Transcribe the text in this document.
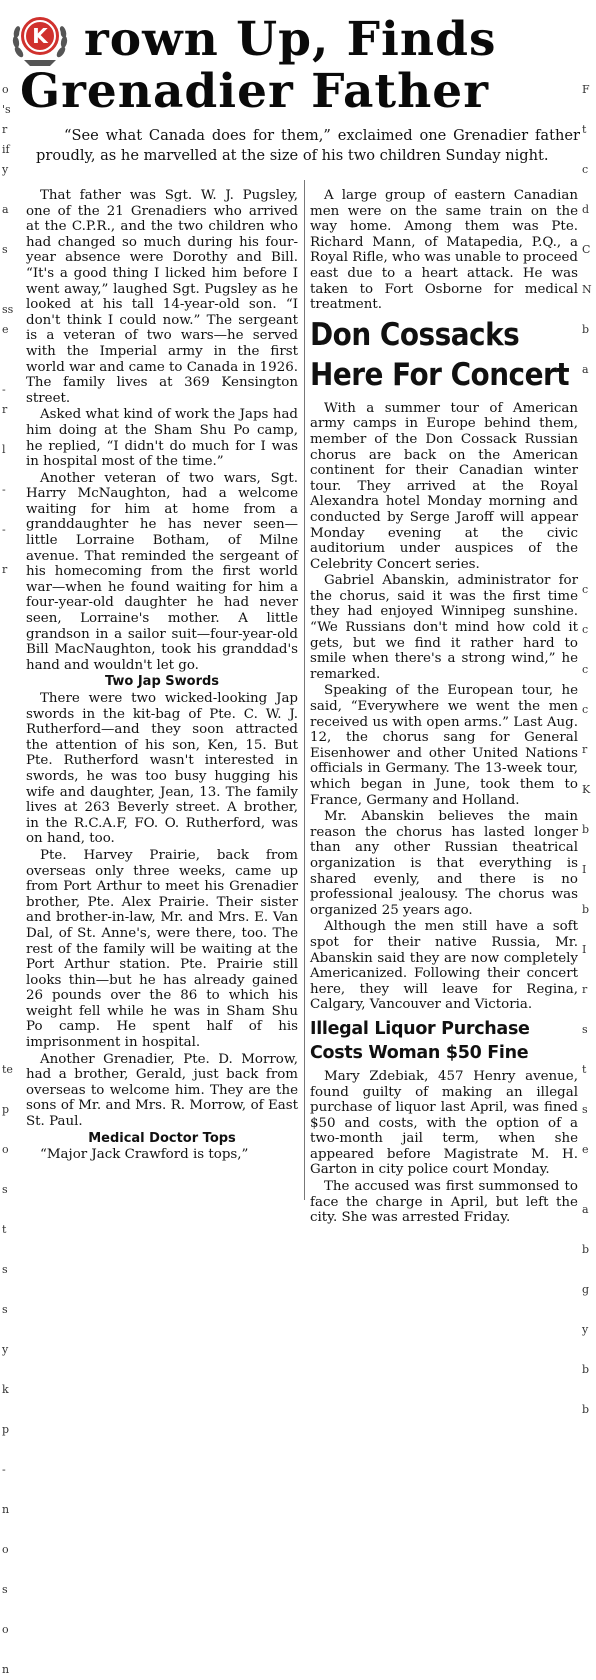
K rown Up, Finds
Grenadier Father
o
's
r
if
y
a
s
ss
e
-
r
l
-
-
r
te
p
o
s
t
s
s
y
k
p
-
n
o
s
o
n
F
t
c
d
C
N
b
a
c
c
c
c
r
K
b
I
b
I
r
s
t
s
e
a
b
g
y
b
b
“See what Canada does for them,” exclaimed one Grenadier father proudly, as he marvelled at the size of his two children Sunday night.

That father was Sgt. W. J. Pugsley, one of the 21 Grenadiers who arrived at the C.P.R., and the two children who had changed so much during his four-year absence were Dorothy and Bill. “It's a good thing I licked him before I went away,” laughed Sgt. Pugsley as he looked at his tall 14-year-old son. “I don't think I could now.” The sergeant is a veteran of two wars—he served with the Imperial army in the first world war and came to Canada in 1926. The family lives at 369 Kensington street.

Asked what kind of work the Japs had him doing at the Sham Shu Po camp, he replied, “I didn't do much for I was in hospital most of the time.”

Another veteran of two wars, Sgt. Harry McNaughton, had a welcome waiting for him at home from a granddaughter he has never seen—little Lorraine Botham, of Milne avenue. That reminded the sergeant of his homecoming from the first world war—when he found waiting for him a four-year-old daughter he had never seen, Lorraine's mother. A little grandson in a sailor suit—four-year-old Bill MacNaughton, took his granddad's hand and wouldn't let go.

Two Jap Swords

There were two wicked-looking Jap swords in the kit-bag of Pte. C. W. J. Rutherford—and they soon attracted the attention of his son, Ken, 15. But Pte. Rutherford wasn't interested in swords, he was too busy hugging his wife and daughter, Jean, 13. The family lives at 263 Beverly street. A brother, in the R.C.A.F, FO. O. Rutherford, was on hand, too.

Pte. Harvey Prairie, back from overseas only three weeks, came up from Port Arthur to meet his Grenadier brother, Pte. Alex Prairie. Their sister and brother-in-law, Mr. and Mrs. E. Van Dal, of St. Anne's, were there, too. The rest of the family will be waiting at the Port Arthur station. Pte. Prairie still looks thin—but he has already gained 26 pounds over the 86 to which his weight fell while he was in Sham Shu Po camp. He spent half of his imprisonment in hospital.

Another Grenadier, Pte. D. Morrow, had a brother, Gerald, just back from overseas to welcome him. They are the sons of Mr. and Mrs. R. Morrow, of East St. Paul.

Medical Doctor Tops

“Major Jack Crawford is tops,”

A large group of eastern Canadian men were on the same train on the way home. Among them was Pte. Richard Mann, of Matapedia, P.Q., a Royal Rifle, who was unable to proceed east due to a heart attack. He was taken to Fort Osborne for medical treatment.

Don Cossacks
Here For Concert

With a summer tour of American army camps in Europe behind them, member of the Don Cossack Russian chorus are back on the American continent for their Canadian winter tour. They arrived at the Royal Alexandra hotel Monday morning and conducted by Serge Jaroff will appear Monday evening at the civic auditorium under auspices of the Celebrity Concert series.

Gabriel Abanskin, administrator for the chorus, said it was the first time they had enjoyed Winnipeg sunshine. “We Russians don't mind how cold it gets, but we find it rather hard to smile when there's a strong wind,” he remarked.

Speaking of the European tour, he said, “Everywhere we went the men received us with open arms.” Last Aug. 12, the chorus sang for General Eisenhower and other United Nations officials in Germany. The 13-week tour, which began in June, took them to France, Germany and Holland.

Mr. Abanskin believes the main reason the chorus has lasted longer than any other Russian theatrical organization is that everything is shared evenly, and there is no professional jealousy. The chorus was organized 25 years ago.

Although the men still have a soft spot for their native Russia, Mr. Abanskin said they are now completely Americanized. Following their concert here, they will leave for Regina, Calgary, Vancouver and Victoria.

Illegal Liquor Purchase
Costs Woman $50 Fine

Mary Zdebiak, 457 Henry avenue, found guilty of making an illegal purchase of liquor last April, was fined $50 and costs, with the option of a two-month jail term, when she appeared before Magistrate M. H. Garton in city police court Monday.

The accused was first summonsed to face the charge in April, but left the city. She was arrested Friday.
